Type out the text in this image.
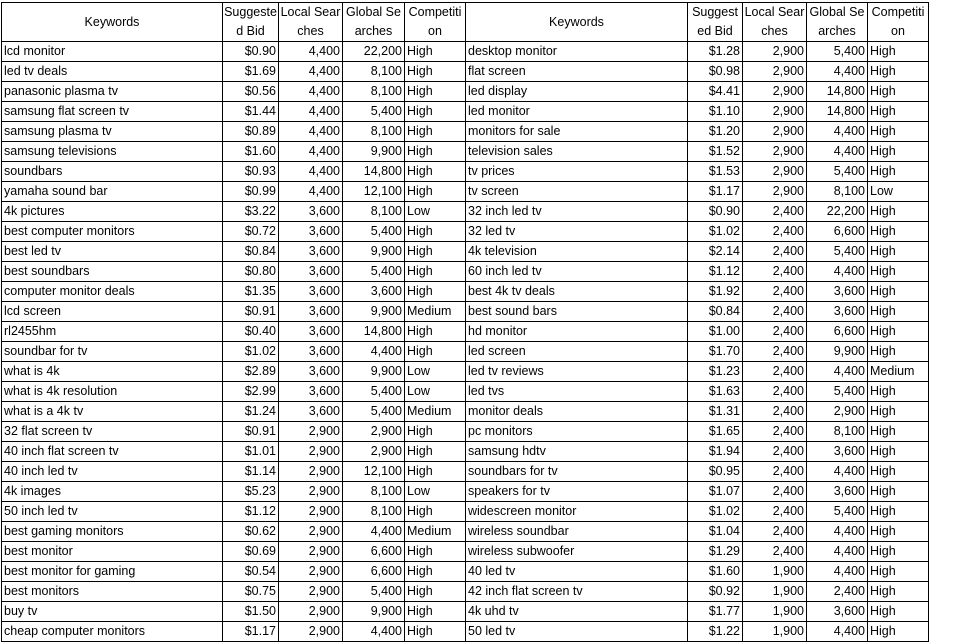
Keywords	Suggested Bid	Local Searches	Global Searches	Competition	Keywords	Suggested Bid	Local Searches	Global Searches	Competition
lcd monitor	$0.90	4,400	22,200	High	desktop monitor	$1.28	2,900	5,400	High
led tv deals	$1.69	4,400	8,100	High	flat screen	$0.98	2,900	4,400	High
panasonic plasma tv	$0.56	4,400	8,100	High	led display	$4.41	2,900	14,800	High
samsung flat screen tv	$1.44	4,400	5,400	High	led monitor	$1.10	2,900	14,800	High
samsung plasma tv	$0.89	4,400	8,100	High	monitors for sale	$1.20	2,900	4,400	High
samsung televisions	$1.60	4,400	9,900	High	television sales	$1.52	2,900	4,400	High
soundbars	$0.93	4,400	14,800	High	tv prices	$1.53	2,900	5,400	High
yamaha sound bar	$0.99	4,400	12,100	High	tv screen	$1.17	2,900	8,100	Low
4k pictures	$3.22	3,600	8,100	Low	32 inch led tv	$0.90	2,400	22,200	High
best computer monitors	$0.72	3,600	5,400	High	32 led tv	$1.02	2,400	6,600	High
best led tv	$0.84	3,600	9,900	High	4k television	$2.14	2,400	5,400	High
best soundbars	$0.80	3,600	5,400	High	60 inch led tv	$1.12	2,400	4,400	High
computer monitor deals	$1.35	3,600	3,600	High	best 4k tv deals	$1.92	2,400	3,600	High
lcd screen	$0.91	3,600	9,900	Medium	best sound bars	$0.84	2,400	3,600	High
rl2455hm	$0.40	3,600	14,800	High	hd monitor	$1.00	2,400	6,600	High
soundbar for tv	$1.02	3,600	4,400	High	led screen	$1.70	2,400	9,900	High
what is 4k	$2.89	3,600	9,900	Low	led tv reviews	$1.23	2,400	4,400	Medium
what is 4k resolution	$2.99	3,600	5,400	Low	led tvs	$1.63	2,400	5,400	High
what is a 4k tv	$1.24	3,600	5,400	Medium	monitor deals	$1.31	2,400	2,900	High
32 flat screen tv	$0.91	2,900	2,900	High	pc monitors	$1.65	2,400	8,100	High
40 inch flat screen tv	$1.01	2,900	2,900	High	samsung hdtv	$1.94	2,400	3,600	High
40 inch led tv	$1.14	2,900	12,100	High	soundbars for tv	$0.95	2,400	4,400	High
4k images	$5.23	2,900	8,100	Low	speakers for tv	$1.07	2,400	3,600	High
50 inch led tv	$1.12	2,900	8,100	High	widescreen monitor	$1.02	2,400	5,400	High
best gaming monitors	$0.62	2,900	4,400	Medium	wireless soundbar	$1.04	2,400	4,400	High
best monitor	$0.69	2,900	6,600	High	wireless subwoofer	$1.29	2,400	4,400	High
best monitor for gaming	$0.54	2,900	6,600	High	40 led tv	$1.60	1,900	4,400	High
best monitors	$0.75	2,900	5,400	High	42 inch flat screen tv	$0.92	1,900	2,400	High
buy tv	$1.50	2,900	9,900	High	4k uhd tv	$1.77	1,900	3,600	High
cheap computer monitors	$1.17	2,900	4,400	High	50 led tv	$1.22	1,900	4,400	High
